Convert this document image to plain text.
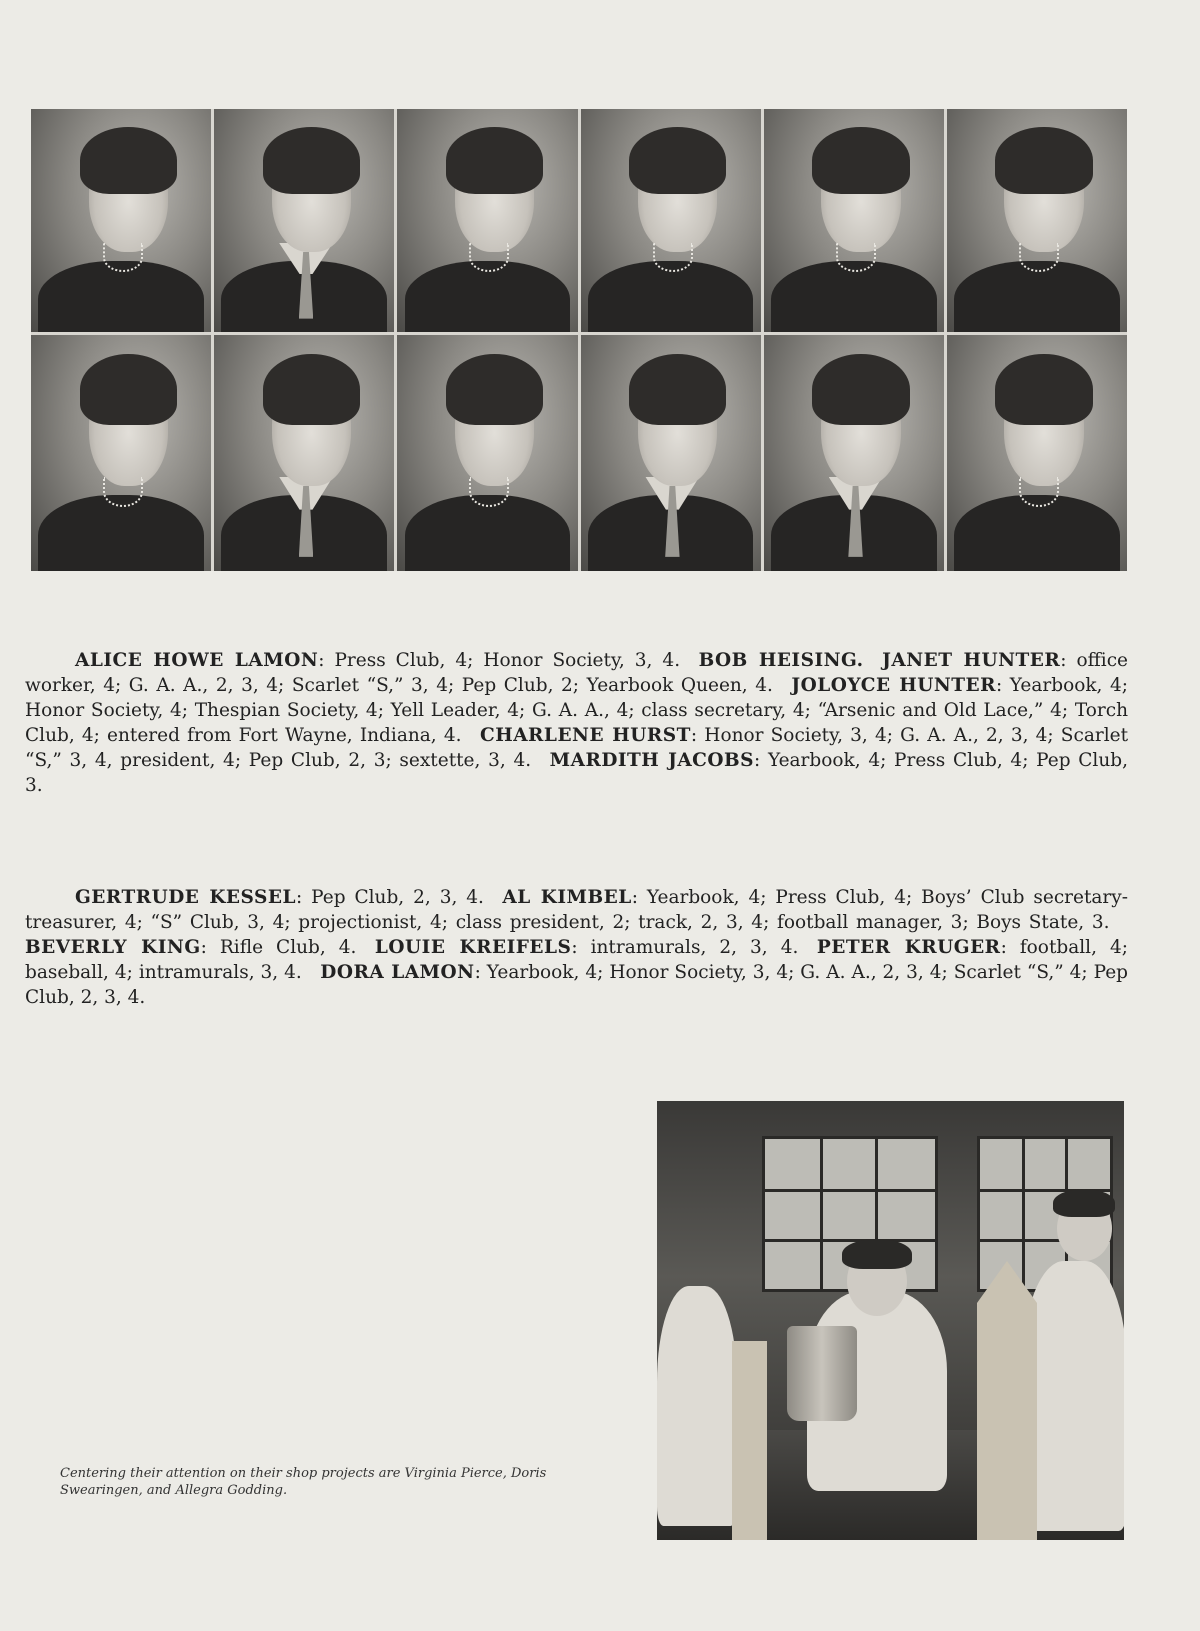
ALICE HOWE LAMON: Press Club, 4; Honor Society, 3, 4.  BOB HEISING.  JANET HUNTER: office worker, 4; G. A. A., 2, 3, 4; Scarlet “S,” 3, 4; Pep Club, 2; Yearbook Queen, 4.  JOLOYCE HUNTER: Yearbook, 4; Honor Society, 4; Thespian Society, 4; Yell Leader, 4; G. A. A., 4; class secretary, 4; “Arsenic and Old Lace,” 4; Torch Club, 4; entered from Fort Wayne, Indiana, 4.  CHARLENE HURST: Honor Society, 3, 4; G. A. A., 2, 3, 4; Scarlet “S,” 3, 4, president, 4; Pep Club, 2, 3; sextette, 3, 4.  MARDITH JACOBS: Yearbook, 4; Press Club, 4; Pep Club, 3. 

GERTRUDE KESSEL: Pep Club, 2, 3, 4.  AL KIMBEL: Yearbook, 4; Press Club, 4; Boys’ Club secretary-treasurer, 4; “S” Club, 3, 4; projectionist, 4; class president, 2; track, 2, 3, 4; football manager, 3; Boys State, 3. BEVERLY KING: Rifle Club, 4.  LOUIE KREIFELS: intramurals, 2, 3, 4.  PETER KRUGER: football, 4; baseball, 4; intramurals, 3, 4.  DORA LAMON: Yearbook, 4; Honor Society, 3, 4; G. A. A., 2, 3, 4; Scarlet “S,” 4; Pep Club, 2, 3, 4. 

Centering their attention on their shop projects are Virginia Pierce, Doris Swearingen, and Allegra Godding.
